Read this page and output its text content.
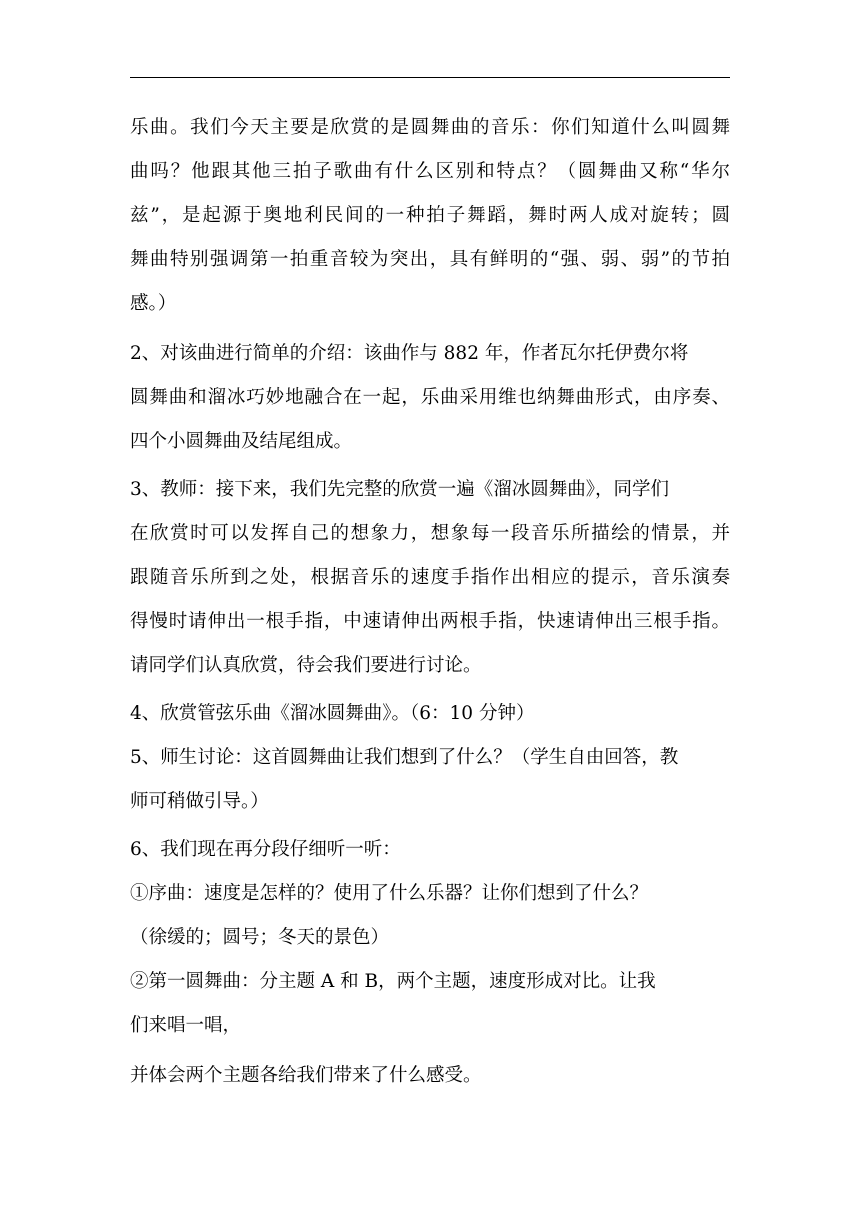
乐曲。我们今天主要是欣赏的是圆舞曲的音乐：你们知道什么叫圆舞
曲吗？他跟其他三拍子歌曲有什么区别和特点？（圆舞曲又称“华尔
兹”，是起源于奥地利民间的一种拍子舞蹈，舞时两人成对旋转；圆
舞曲特别强调第一拍重音较为突出，具有鲜明的“强、弱、弱”的节拍
感。）
2、对该曲进行简单的介绍：该曲作与 882 年，作者瓦尔托伊费尔将
圆舞曲和溜冰巧妙地融合在一起，乐曲采用维也纳舞曲形式，由序奏、
四个小圆舞曲及结尾组成。
3、教师：接下来，我们先完整的欣赏一遍《溜冰圆舞曲》，同学们
在欣赏时可以发挥自己的想象力，想象每一段音乐所描绘的情景，并
跟随音乐所到之处，根据音乐的速度手指作出相应的提示，音乐演奏
得慢时请伸出一根手指，中速请伸出两根手指，快速请伸出三根手指。
请同学们认真欣赏，待会我们要进行讨论。
4、欣赏管弦乐曲《溜冰圆舞曲》。（6：10 分钟）
5、师生讨论：这首圆舞曲让我们想到了什么？（学生自由回答，教
师可稍做引导。）
6、我们现在再分段仔细听一听：
①序曲：速度是怎样的？使用了什么乐器？让你们想到了什么？
（徐缓的；圆号；冬天的景色）
②第一圆舞曲：分主题 A 和 B，两个主题，速度形成对比。让我
们来唱一唱，
并体会两个主题各给我们带来了什么感受。
